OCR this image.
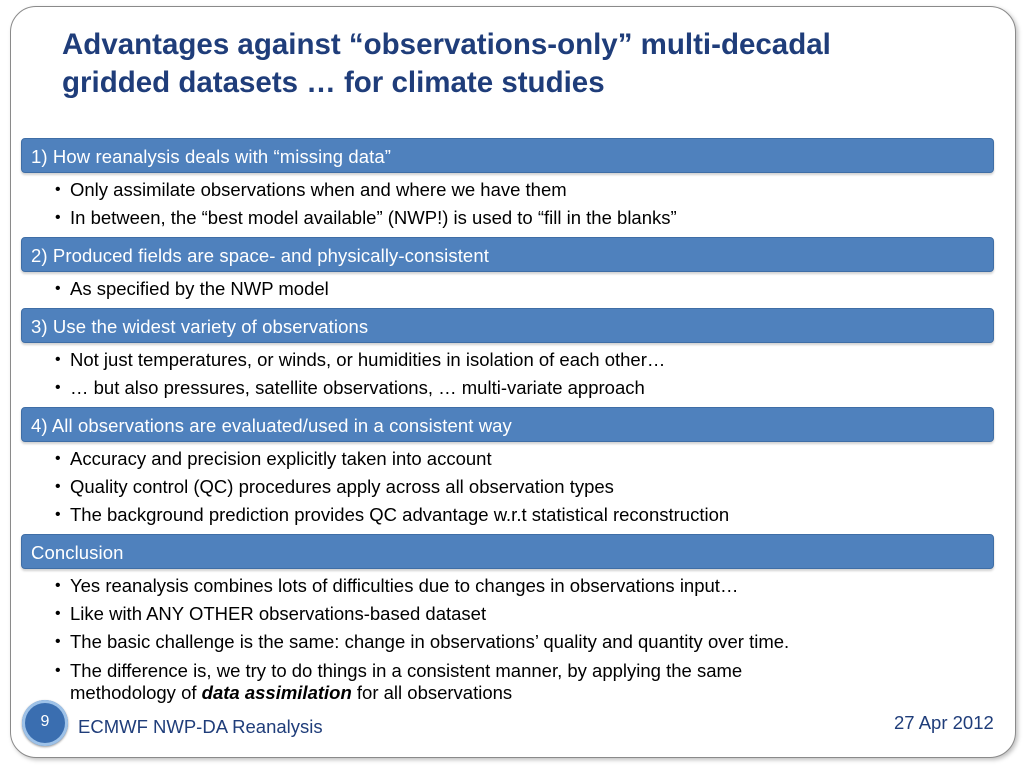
Advantages against “observations-only” multi-decadal
gridded datasets … for climate studies
1) How reanalysis deals with “missing data”
• Only assimilate observations when and where we have them
• In between, the “best model available” (NWP!) is used to “fill in the blanks”
2) Produced fields are space- and physically-consistent
• As specified by the NWP model
3) Use the widest variety of observations
• Not just temperatures, or winds, or humidities in isolation of each other…
• … but also pressures, satellite observations, … multi-variate approach
4) All observations are evaluated/used in a consistent way
• Accuracy and precision explicitly taken into account
• Quality control (QC) procedures apply across all observation types
• The background prediction provides QC advantage w.r.t statistical reconstruction
Conclusion
• Yes reanalysis combines lots of difficulties due to changes in observations input…
• Like with ANY OTHER observations-based dataset
• The basic challenge is the same: change in observations’ quality and quantity over time.
• The difference is, we try to do things in a consistent manner, by applying the same
methodology of data assimilation for all observations
9	ECMWF NWP-DA Reanalysis	27 Apr 2012
